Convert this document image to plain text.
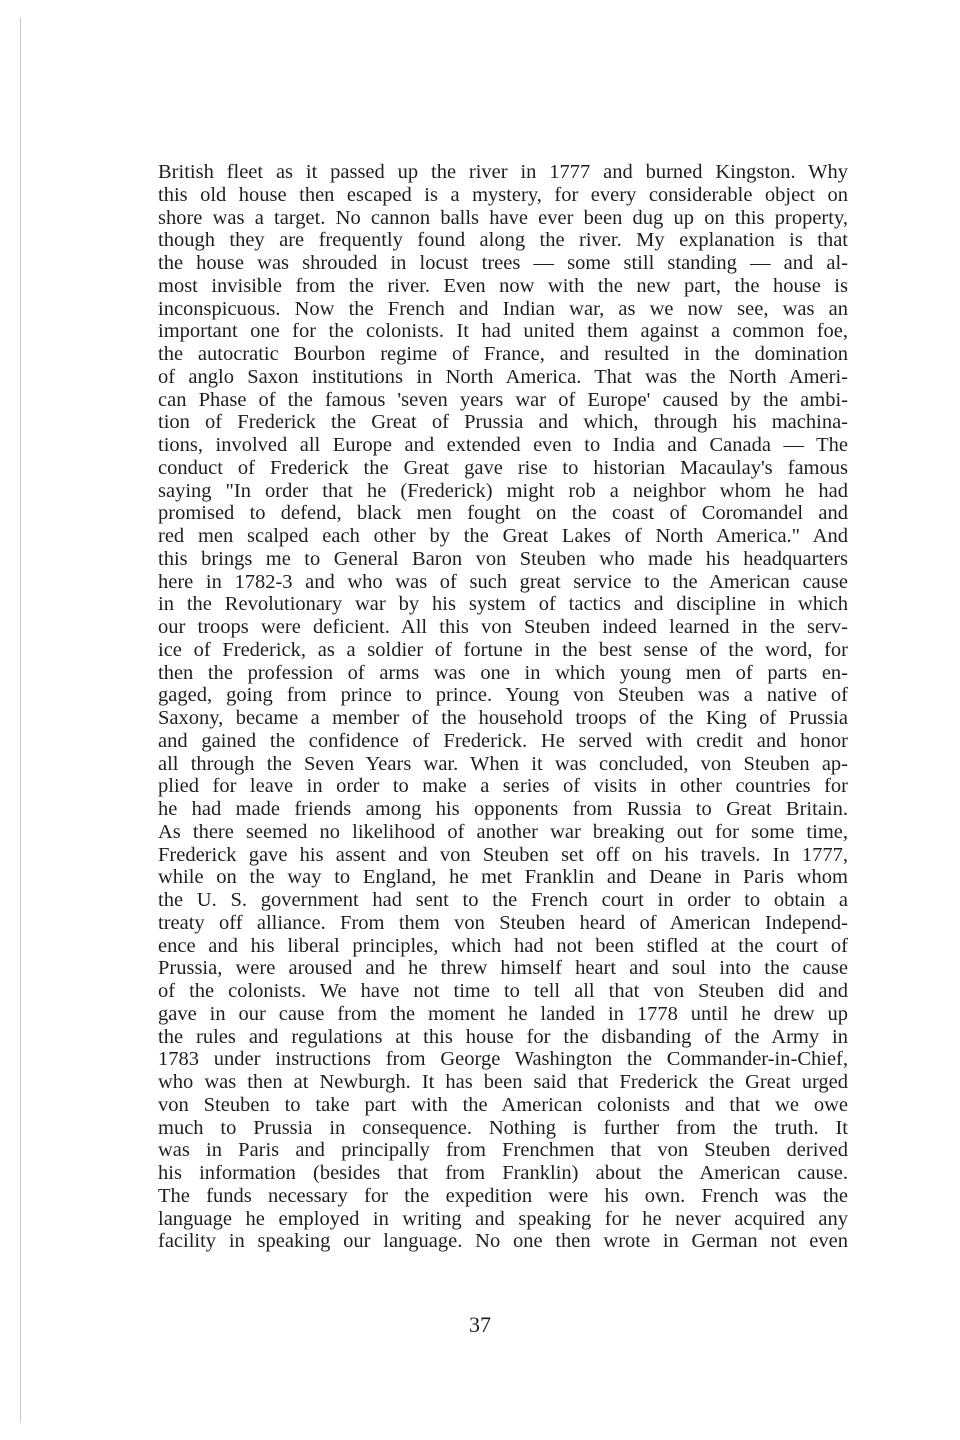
British fleet as it passed up the river in 1777 and burned Kingston. Why
this old house then escaped is a mystery, for every considerable object on
shore was a target. No cannon balls have ever been dug up on this property,
though they are frequently found along the river. My explanation is that
the house was shrouded in locust trees — some still standing — and al-
most invisible from the river. Even now with the new part, the house is
inconspicuous. Now the French and Indian war, as we now see, was an
important one for the colonists. It had united them against a common foe,
the autocratic Bourbon regime of France, and resulted in the domination
of anglo Saxon institutions in North America. That was the North Ameri-
can Phase of the famous 'seven years war of Europe' caused by the ambi-
tion of Frederick the Great of Prussia and which, through his machina-
tions, involved all Europe and extended even to India and Canada — The
conduct of Frederick the Great gave rise to historian Macaulay's famous
saying "In order that he (Frederick) might rob a neighbor whom he had
promised to defend, black men fought on the coast of Coromandel and
red men scalped each other by the Great Lakes of North America." And
this brings me to General Baron von Steuben who made his headquarters
here in 1782-3 and who was of such great service to the American cause
in the Revolutionary war by his system of tactics and discipline in which
our troops were deficient. All this von Steuben indeed learned in the serv-
ice of Frederick, as a soldier of fortune in the best sense of the word, for
then the profession of arms was one in which young men of parts en-
gaged, going from prince to prince. Young von Steuben was a native of
Saxony, became a member of the household troops of the King of Prussia
and gained the confidence of Frederick. He served with credit and honor
all through the Seven Years war. When it was concluded, von Steuben ap-
plied for leave in order to make a series of visits in other countries for
he had made friends among his opponents from Russia to Great Britain.
As there seemed no likelihood of another war breaking out for some time,
Frederick gave his assent and von Steuben set off on his travels. In 1777,
while on the way to England, he met Franklin and Deane in Paris whom
the U. S. government had sent to the French court in order to obtain a
treaty off alliance. From them von Steuben heard of American Independ-
ence and his liberal principles, which had not been stifled at the court of
Prussia, were aroused and he threw himself heart and soul into the cause
of the colonists. We have not time to tell all that von Steuben did and
gave in our cause from the moment he landed in 1778 until he drew up
the rules and regulations at this house for the disbanding of the Army in
1783 under instructions from George Washington the Commander-in-Chief,
who was then at Newburgh. It has been said that Frederick the Great urged
von Steuben to take part with the American colonists and that we owe
much to Prussia in consequence. Nothing is further from the truth. It
was in Paris and principally from Frenchmen that von Steuben derived
his information (besides that from Franklin) about the American cause.
The funds necessary for the expedition were his own. French was the
language he employed in writing and speaking for he never acquired any
facility in speaking our language. No one then wrote in German not even
37
